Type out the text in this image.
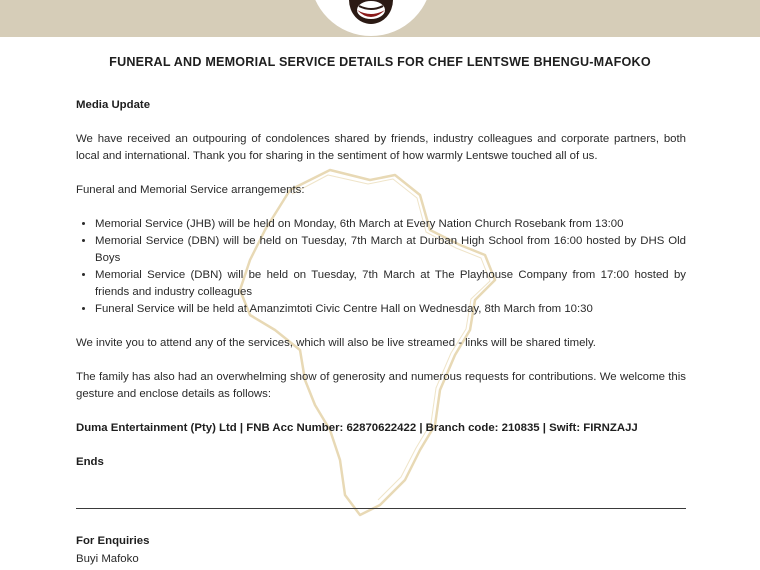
FUNERAL AND MEMORIAL SERVICE DETAILS FOR CHEF LENTSWE BHENGU-MAFOKO

Media Update

We have received an outpouring of condolences shared by friends, industry colleagues and corporate partners, both local and international. Thank you for sharing in the sentiment of how warmly Lentswe touched all of us.

Funeral and Memorial Service arrangements:

• Memorial Service (JHB) will be held on Monday, 6th March at Every Nation Church Rosebank from 13:00
• Memorial Service (DBN) will be held on Tuesday, 7th March at Durban High School from 16:00 hosted by DHS Old Boys
• Memorial Service (DBN) will be held on Tuesday, 7th March at The Playhouse Company from 17:00 hosted by friends and industry colleagues
• Funeral Service will be held at Amanzimtoti Civic Centre Hall on Wednesday, 8th March from 10:30

We invite you to attend any of the services, which will also be live streamed - links will be shared timely.

The family has also had an overwhelming show of generosity and numerous requests for contributions. We welcome this gesture and enclose details as follows:

Duma Entertainment (Pty) Ltd | FNB Acc Number: 62870622422 | Branch code: 210835 | Swift: FIRNZAJJ

Ends

For Enquiries
Buyi Mafoko
